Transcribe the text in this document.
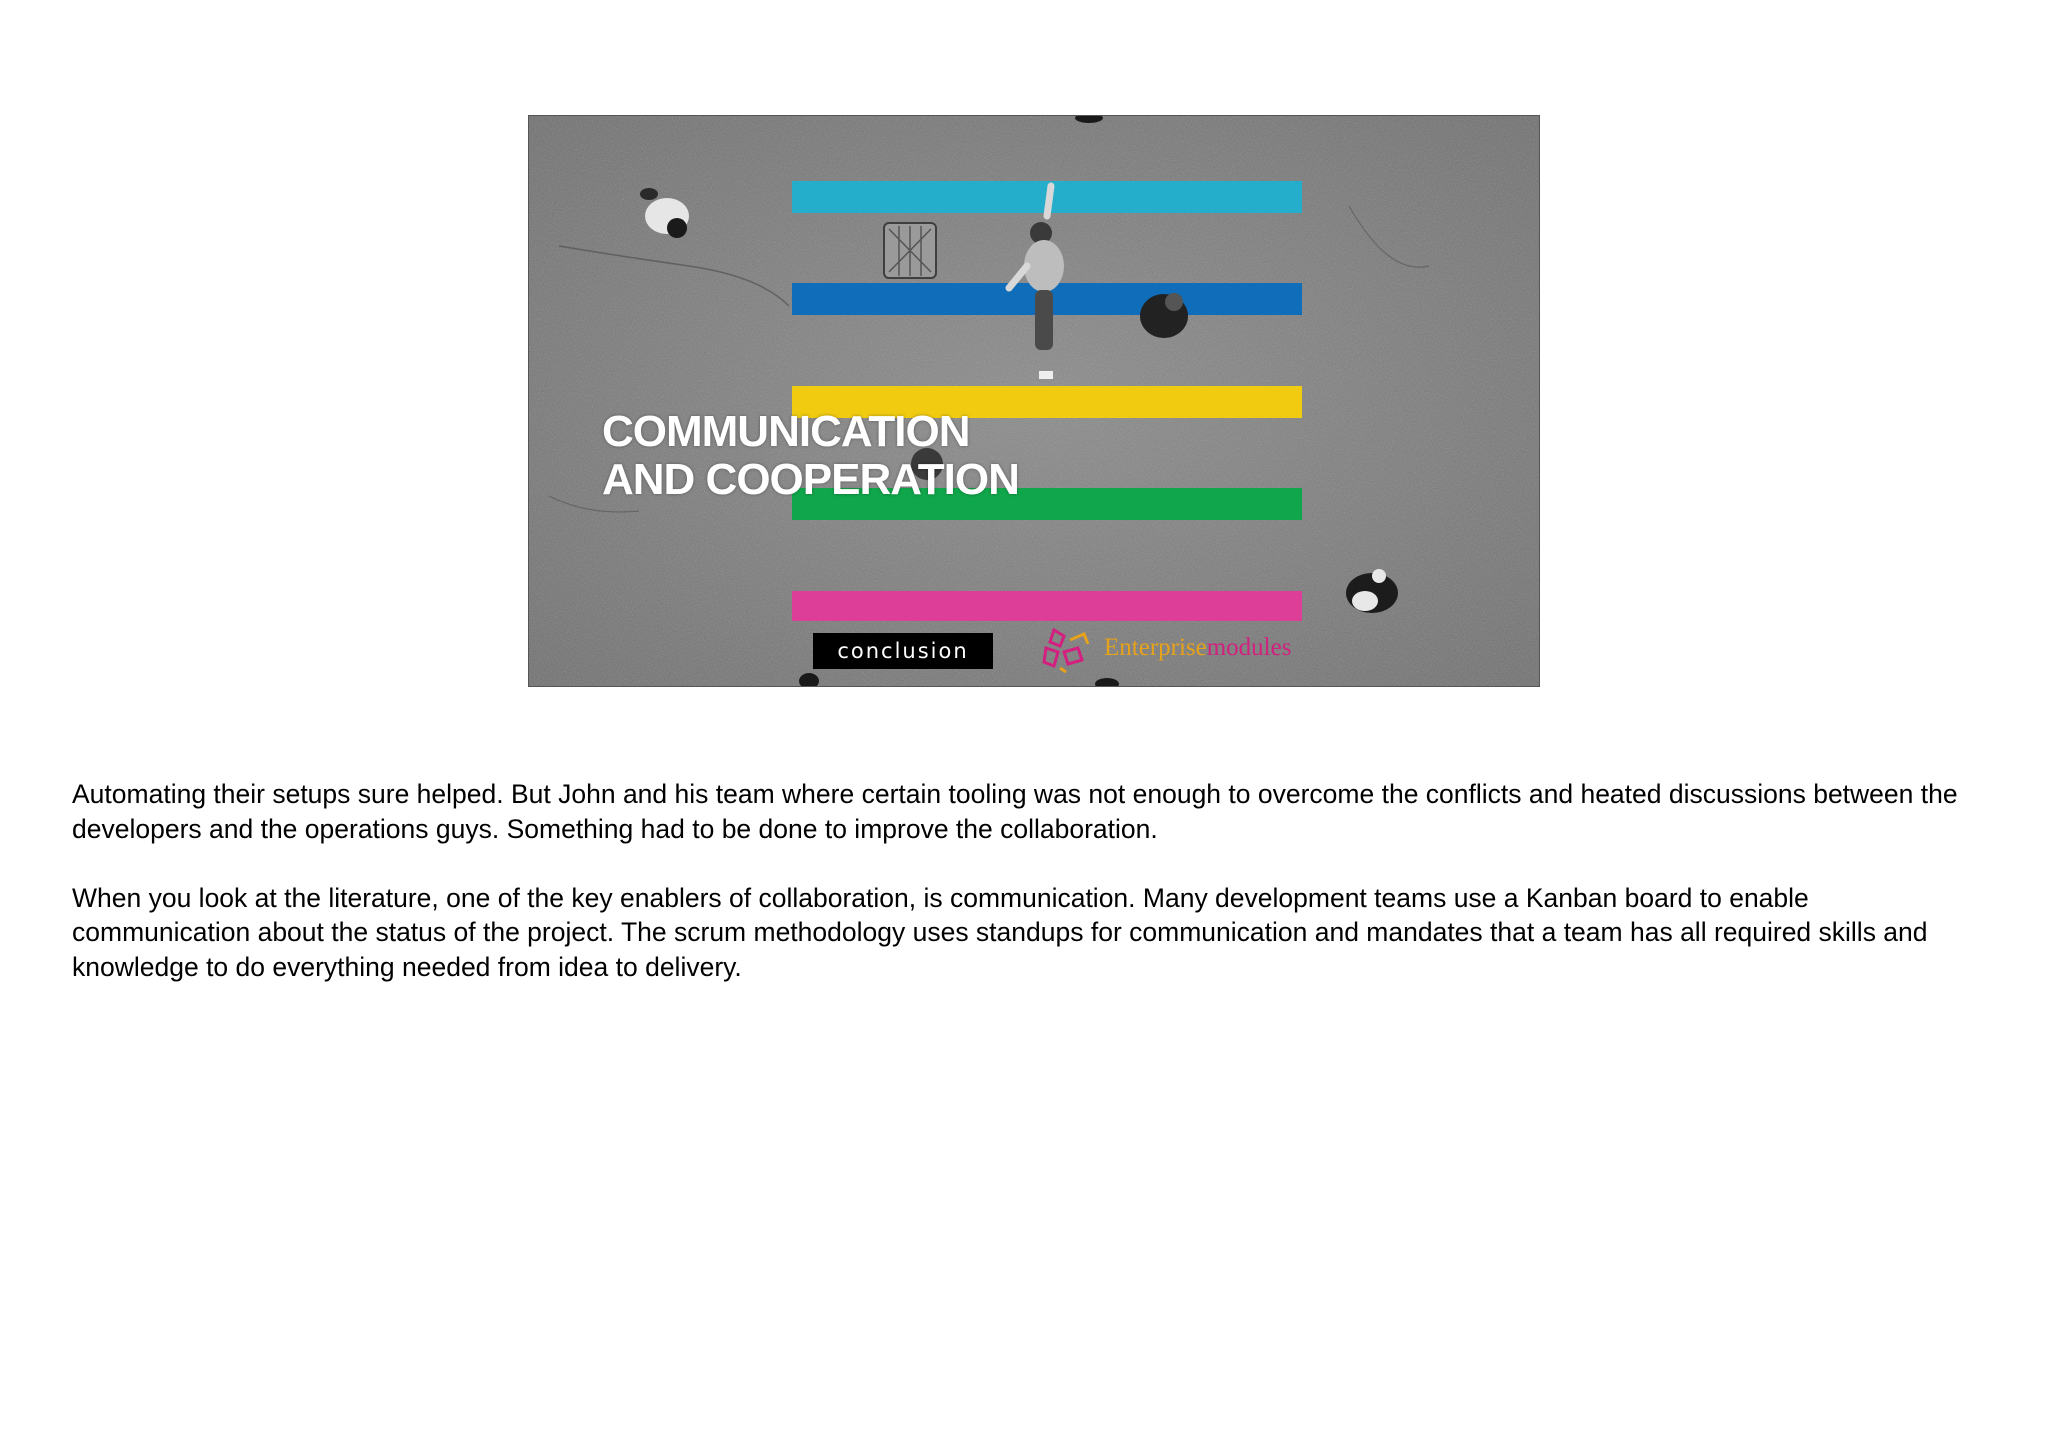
COMMUNICATION
AND COOPERATION
conclusion	Enterprisemodules

Automating their setups sure helped. But John and his team where certain tooling was not enough to overcome the conflicts and heated discussions between the developers and the operations guys. Something had to be done to improve the collaboration.

When you look at the literature, one of the key enablers of collaboration, is communication. Many development teams use a Kanban board to enable communication about the status of the project. The scrum methodology uses standups for communication and mandates that a team has all required skills and knowledge to do everything needed from idea to delivery.
